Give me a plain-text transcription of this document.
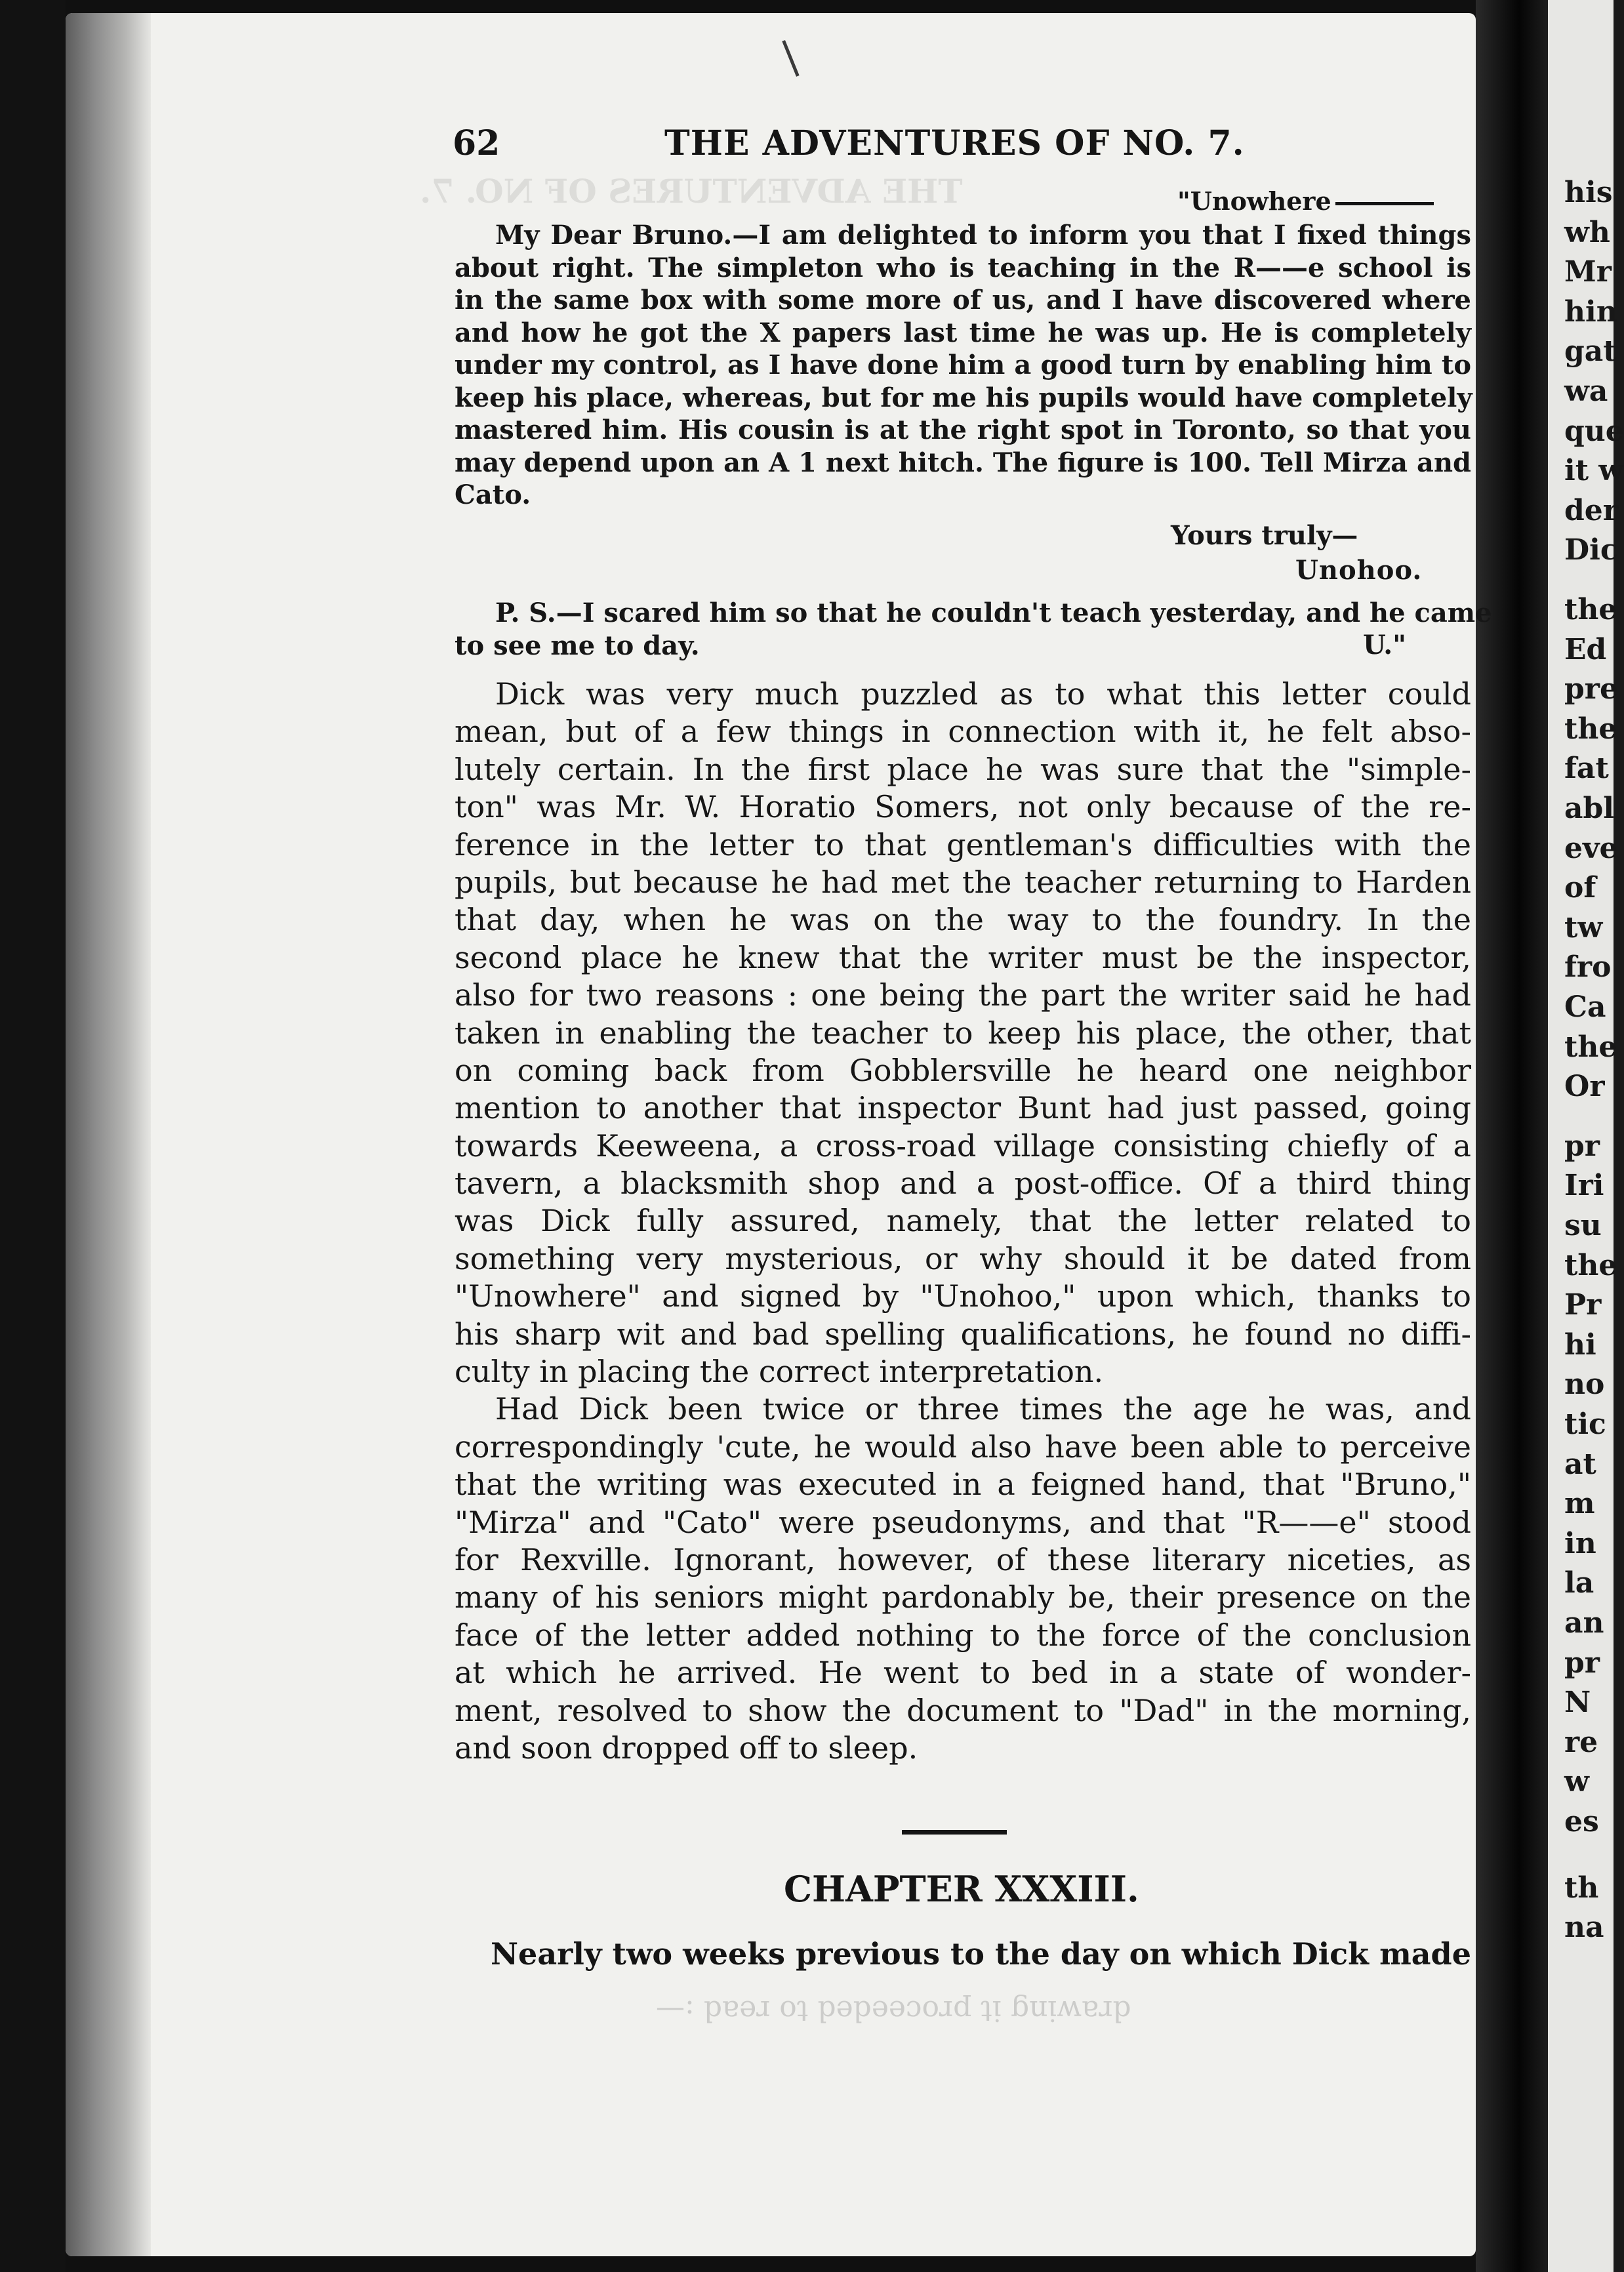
his
wh
Mr
hin
gat
wa
que
it w
der
Dic
the
Ed
pre
the
fat
abl
eve
of
tw
fro
Ca
the
Or
pr
Iri
su
the
Pr
hi
no
tic
at
m
in
la
an
pr
N
re
w
es
th
na
62	THE ADVENTURES OF NO. 7.
THE ADVENTURES OF NO. 7.	"Unowhere
My Dear Bruno.—I am delighted to inform you that I fixed things
about right. The simpleton who is teaching in the R——e school is
in the same box with some more of us, and I have discovered where
and how he got the X papers last time he was up. He is completely
under my control, as I have done him a good turn by enabling him to
keep his place, whereas, but for me his pupils would have completely
mastered him. His cousin is at the right spot in Toronto, so that you
may depend upon an A 1 next hitch. The figure is 100. Tell Mirza and
Cato.
Yours truly—
Unohoo.
P. S.—I scared him so that he couldn't teach yesterday, and he came
to see me to day.	U."
Dick was very much puzzled as to what this letter could
mean, but of a few things in connection with it, he felt abso-
lutely certain. In the first place he was sure that the "simple-
ton" was Mr. W. Horatio Somers, not only because of the re-
ference in the letter to that gentleman's difficulties with the
pupils, but because he had met the teacher returning to Harden
that day, when he was on the way to the foundry. In the
second place he knew that the writer must be the inspector,
also for two reasons : one being the part the writer said he had
taken in enabling the teacher to keep his place, the other, that
on coming back from Gobblersville he heard one neighbor
mention to another that inspector Bunt had just passed, going
towards Keeweena, a cross-road village consisting chiefly of a
tavern, a blacksmith shop and a post-office. Of a third thing
was Dick fully assured, namely, that the letter related to
something very mysterious, or why should it be dated from
"Unowhere" and signed by "Unohoo," upon which, thanks to
his sharp wit and bad spelling qualifications, he found no diffi-
culty in placing the correct interpretation.
Had Dick been twice or three times the age he was, and
correspondingly 'cute, he would also have been able to perceive
that the writing was executed in a feigned hand, that "Bruno,"
"Mirza" and "Cato" were pseudonyms, and that "R——e" stood
for Rexville. Ignorant, however, of these literary niceties, as
many of his seniors might pardonably be, their presence on the
face of the letter added nothing to the force of the conclusion
at which he arrived. He went to bed in a state of wonder-
ment, resolved to show the document to "Dad" in the morning,
and soon dropped off to sleep.
CHAPTER XXXIII.
Nearly two weeks previous to the day on which Dick made
drawing it proceeded to read :—
